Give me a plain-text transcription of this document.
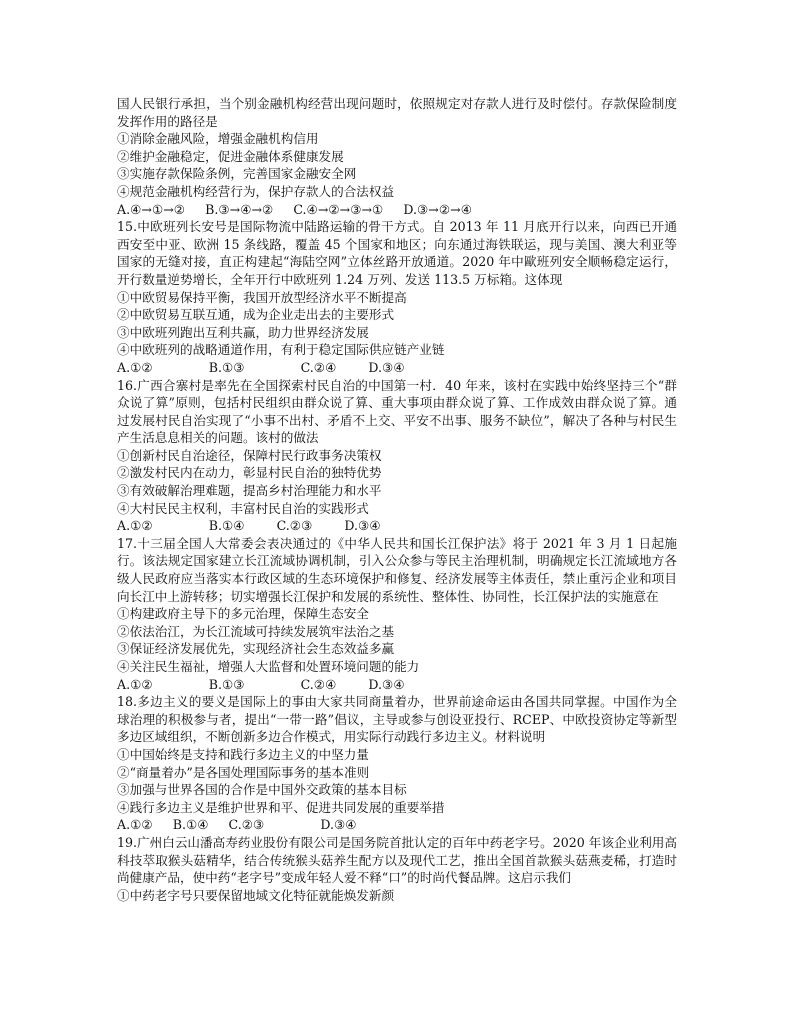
国人民银行承担，当个别金融机构经营出现问题时，依照规定对存款人进行及时偿付。存款保险制度发挥作用的路径是

①消除金融风险，增强金融机构信用

②维护金融稳定，促进金融体系健康发展

③实施存款保险条例，完善国家金融安全网

④规范金融机构经营行为，保护存款人的合法权益

A.④→①→②     B.③→④→②     C.④→②→③→①     D.③→②→④

15.中欧班列长安号是国际物流中陆路运输的骨干方式。自 2013 年 11 月底开行以来，向西已开通西安至中亚、欧洲 15 条线路，覆盖 45 个国家和地区；向东通过海铁联运，现与美国、澳大利亚等国家的无缝对接，直正构建起“海陆空网”立体丝路开放通道。2020 年中歐班列安全顺畅稳定运行，开行数量逆势增长，全年开行中欧班列 1.24 万列、发送 113.5 万标箱。这体现

①中欧贸易保持平衡，我国开放型经济水平不断提高

②中欧贸易互联互通，成为企业走出去的主要形式

③中欧班列跑出互利共赢，助力世界经济发展

④中欧班列的战略通道作用，有利于稳定国际供应链产业链

A.①②              B.①③              C.②④        D.③④

16.广西合寨村是率先在全国探索村民自治的中国第一村．40 年来，该村在实践中始终坚持三个“群众说了算”原则，包括村民组织由群众说了算、重大事项由群众说了算、工作成效由群众说了算。通过发展村民自治实现了“小事不出村、矛盾不上交、平安不出事、服务不缺位”，解决了各种与村民生产生活息息相关的问题。该村的做法

①创新村民自治途径，保障村民行政事务决策权

②激发村民内在动力，彰显村民自治的独特优势

③有效破解治理难题，提高乡村治理能力和水平

④大村民民主权利，丰富村民自治的实践形式

A.①②              B.①④        C.②③        D.③④

17.十三届全国人大常委会表决通过的《中华人民共和国长江保护法》将于 2021 年 3 月 1 日起施行。该法规定国家建立长江流域协调机制，引入公众参与等民主治理机制，明确规定长江流域地方各级人民政府应当落实本行政区域的生态环境保护和修复、经济发展等主体责任，禁止重污企业和项目向长江中上游转移；切实增强长江保护和发展的系统性、整体性、协同性，长江保护法的实施意在

①构建政府主导下的多元治理，保障生态安全

②依法治江，为长江流域可持续发展筑牢法治之基

③保证经济发展优先，实现经济社会生态效益多赢

④关注民生福祉，增强人大监督和处置环境问题的能力

A.①②              B.①③              C.②④        D.③④

18.多边主义的要义是国际上的事由大家共同商量着办，世界前途命运由各国共同掌握。中国作为全球治理的积极参与者，提出“一带一路”倡议，主导或参与创设亚投行、RCEP、中欧投资协定等新型多边区域组织，不断创新多边合作模式，用实际行动践行多边主义。材料说明

①中国始终是支持和践行多边主义的中坚力量

②“商量着办”是各国处理国际事务的基本准则

③加强与世界各国的合作是中国外交政策的基本目标

④践行多边主义是维护世界和平、促进共同发展的重要举措

A.①②     B.①④     C.②③              D.③④

19.广州白云山潘高寿药业股份有限公司是国务院首批认定的百年中药老字号。2020 年该企业利用高科技萃取猴头菇精华，结合传统猴头菇养生配方以及现代工艺，推出全国首款猴头菇燕麦稀，打造时尚健康产品，使中药“老字号”变成年轻人爱不释“口”的时尚代餐品牌。这启示我们

①中药老字号只要保留地域文化特征就能焕发新颜
